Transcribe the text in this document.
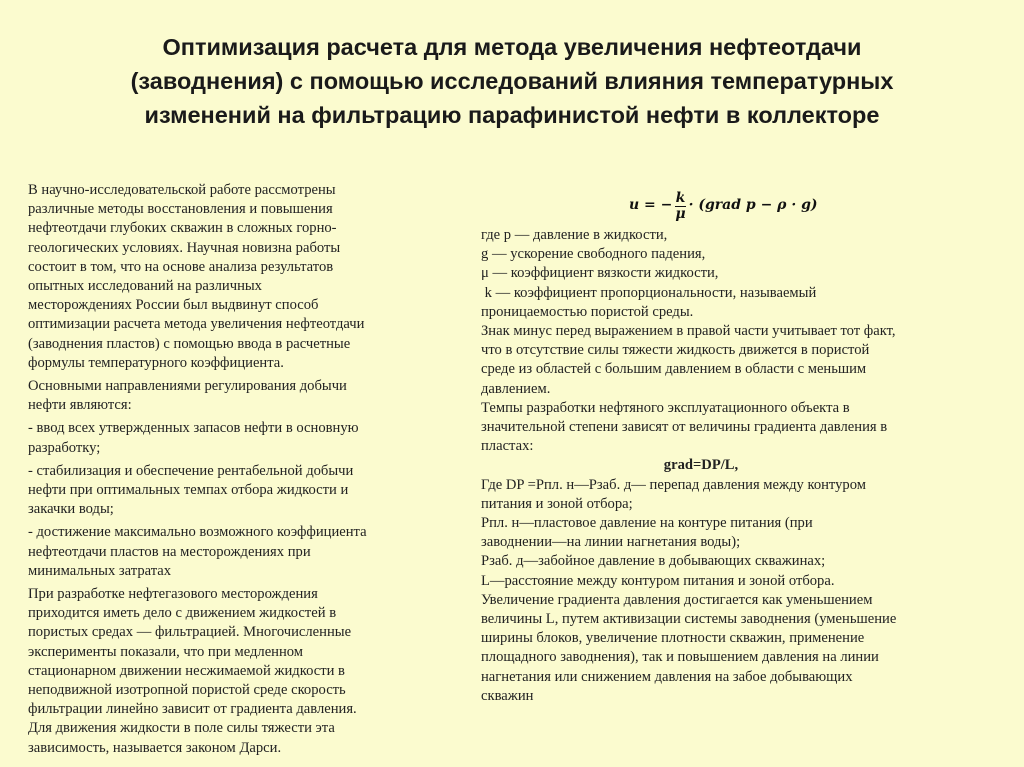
Оптимизация расчета для метода увеличения нефтеотдачи
(заводнения) с помощью исследований влияния температурных
изменений на фильтрацию парафинистой нефти в коллекторе
В научно-исследовательской работе рассмотрены
различные методы восстановления и повышения
нефтеотдачи глубоких скважин в сложных горно-
геологических условиях. Научная новизна работы
состоит в том, что на основе анализа результатов
опытных исследований на различных
месторождениях России был выдвинут способ
оптимизации расчета метода увеличения нефтеотдачи
(заводнения пластов) с помощью ввода в расчетные
формулы температурного коэффициента.
Основными направлениями регулирования добычи
нефти являются:
- ввод всех утвержденных запасов нефти в основную
разработку;
- стабилизация и обеспечение рентабельной добычи
нефти при оптимальных темпах отбора жидкости и
закачки воды;
- достижение максимально возможного коэффициента
нефтеотдачи пластов на месторождениях при
минимальных затратах
При разработке нефтегазового месторождения
приходится иметь дело с движением жидкостей в
пористых средах — фильтрацией. Многочисленные
эксперименты показали, что при медленном
стационарном движении несжимаемой жидкости в
неподвижной изотропной пористой среде скорость
фильтрации линейно зависит от градиента давления.
Для движения жидкости в поле силы тяжести эта
зависимость, называется законом Дарси.
u = − $\frac{k}{\mu}$ · (grad p − ρ · g)
где р — давление в жидкости,
g — ускорение свободного падения,
μ — коэффициент вязкости жидкости,
k — коэффициент пропорциональности, называемый
проницаемостью пористой среды.
Знак минус перед выражением в правой части учитывает тот факт,
что в отсутствие силы тяжести жидкость движется в пористой
среде из областей с большим давлением в области с меньшим
давлением.
Темпы разработки нефтяного эксплуатационного объекта в
значительной степени зависят от величины градиента давления в
пластах:
grad=DP/L,
Где DP =Рпл. н—Рзаб. д— перепад давления между контуром
питания и зоной отбора;
Рпл. н—пластовое давление на контуре питания (при
заводнении—на линии нагнетания воды);
Рзаб. д—забойное давление в добывающих скважинах;
L—расстояние между контуром питания и зоной отбора.
Увеличение градиента давления достигается как уменьшением
величины L, путем активизации системы заводнения (уменьшение
ширины блоков, увеличение плотности скважин, применение
площадного заводнения), так и повышением давления на линии
нагнетания или снижением давления на забое добывающих
скважин
